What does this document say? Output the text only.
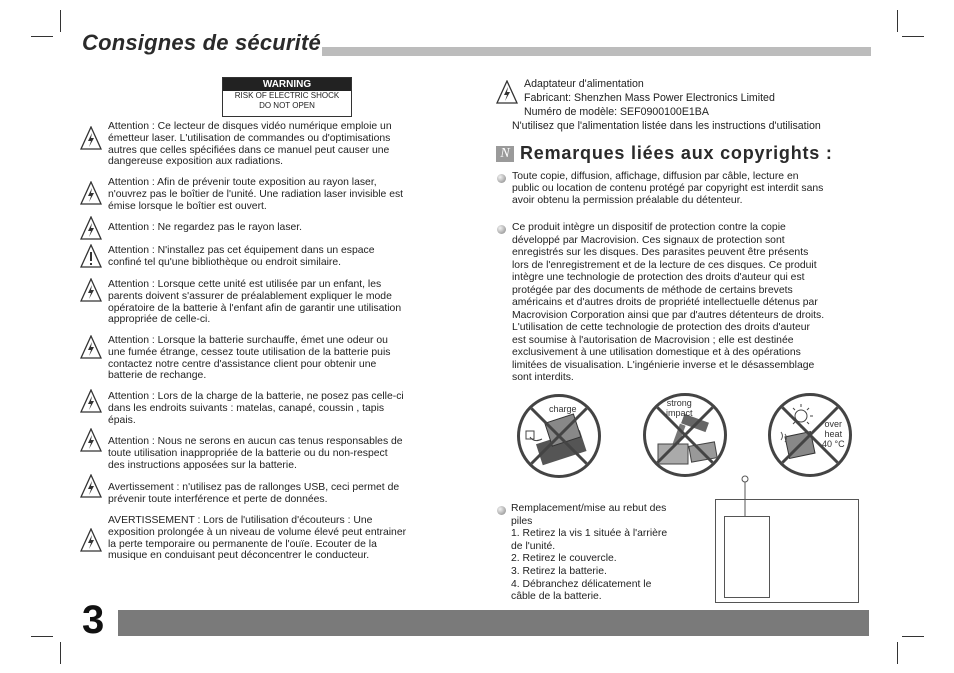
Consignes de sécurité
WARNING
RISK OF ELECTRIC SHOCK
DO NOT OPEN
Attention : Ce lecteur de disques vidéo numérique emploie un
émetteur laser. L'utilisation de commandes ou d'optimisations
autres que celles spécifiées dans ce manuel peut causer une
dangereuse exposition aux radiations.
Attention : Afin de prévenir toute exposition au rayon laser,
n'ouvrez pas le boîtier de l'unité. Une radiation laser invisible est
émise lorsque le boîtier est ouvert.
Attention : Ne regardez pas le rayon laser.
Attention : N'installez pas cet équipement dans un espace
confiné tel qu'une bibliothèque ou endroit similaire.
Attention : Lorsque cette unité est utilisée par un enfant, les
parents doivent s'assurer de préalablement expliquer le mode
opératoire de la batterie à l'enfant afin de garantir une utilisation
appropriée de celle-ci.
Attention : Lorsque la batterie surchauffe, émet une odeur ou
une fumée étrange, cessez toute utilisation de la batterie puis
contactez notre centre d'assistance client pour obtenir une
batterie de rechange.
Attention : Lors de la charge de la batterie, ne posez pas celle-ci
dans les endroits suivants : matelas, canapé, coussin , tapis
épais.
Attention : Nous ne serons en aucun cas tenus responsables de
toute utilisation inappropriée de la batterie ou du non-respect
des instructions apposées sur la batterie.
Avertissement : n'utilisez pas de rallonges USB, ceci permet de
prévenir toute interférence et perte de données.
AVERTISSEMENT : Lors de l'utilisation d'écouteurs : Une
exposition prolongée à un niveau de volume élevé peut entrainer
la perte temporaire ou permanente de l'ouïe. Ecouter de la
musique en conduisant peut déconcentrer le conducteur.
Adaptateur d'alimentation
Fabricant: Shenzhen Mass Power Electronics Limited
Numéro de modèle: SEF0900100E1BA
N'utilisez que l'alimentation listée dans les instructions d'utilisation
N Remarques liées aux copyrights :
Toute copie, diffusion, affichage, diffusion par câble, lecture en
public ou location de contenu protégé par copyright est interdit sans
avoir obtenu la permission préalable du détenteur.
Ce produit intègre un dispositif de protection contre la copie
développé par Macrovision. Ces signaux de protection sont
enregistrés sur les disques. Des parasites peuvent être présents
lors de l'enregistrement et de la lecture de ces disques. Ce produit
intègre une technologie de protection des droits d'auteur qui est
protégée par des documents de méthode de certains brevets
américains et d'autres droits de propriété intellectuelle détenus par
Macrovision Corporation ainsi que par d'autres détenteurs de droits.
L'utilisation de cette technologie de protection des droits d'auteur
est soumise à l'autorisation de Macrovision ; elle est destinée
exclusivement à une utilisation domestique et à des opérations
limitées de visualisation. L'ingénierie inverse et le désassemblage
sont interdits.
charge
strong
impact
over
heat
40 °C
Remplacement/mise au rebut des
piles
1. Retirez la vis 1 située à l'arrière
de l'unité.
2. Retirez le couvercle.
3. Retirez la batterie.
4. Débranchez délicatement le
câble de la batterie.
3
